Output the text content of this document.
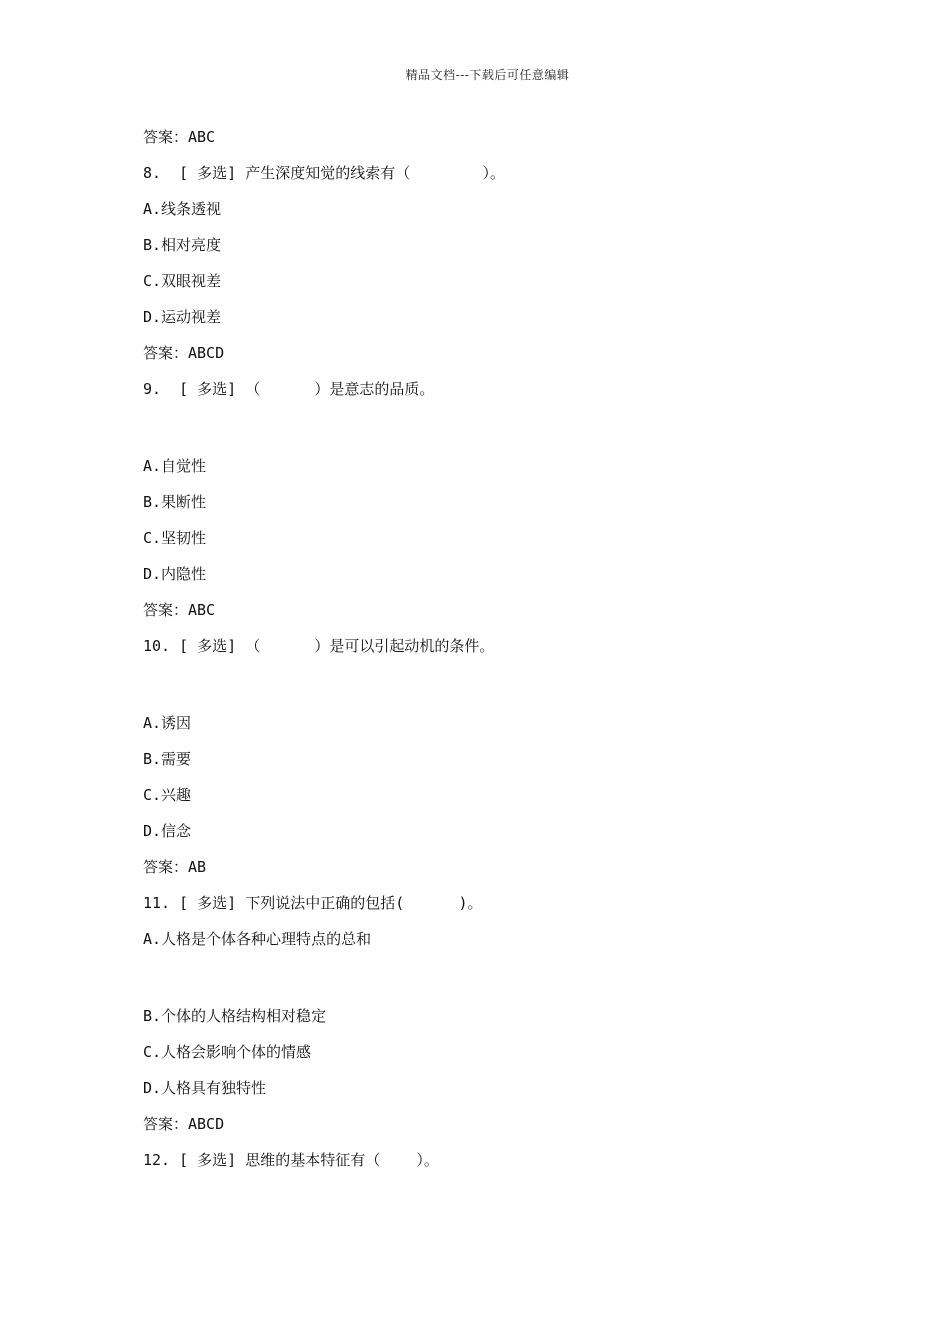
精品文档---下载后可任意编辑
答案：ABC
8.  [ 多选] 产生深度知觉的线索有（        ）。
A.线条透视
B.相对亮度
C.双眼视差
D.运动视差
答案：ABCD
9.  [ 多选] （      ）是意志的品质。
A.自觉性
B.果断性
C.坚韧性
D.内隐性
答案：ABC
10. [ 多选] （      ）是可以引起动机的条件。
A.诱因
B.需要
C.兴趣
D.信念
答案：AB
11. [ 多选] 下列说法中正确的包括(      )。
A.人格是个体各种心理特点的总和
B.个体的人格结构相对稳定
C.人格会影响个体的情感
D.人格具有独特性
答案：ABCD
12. [ 多选] 思维的基本特征有（    ）。
